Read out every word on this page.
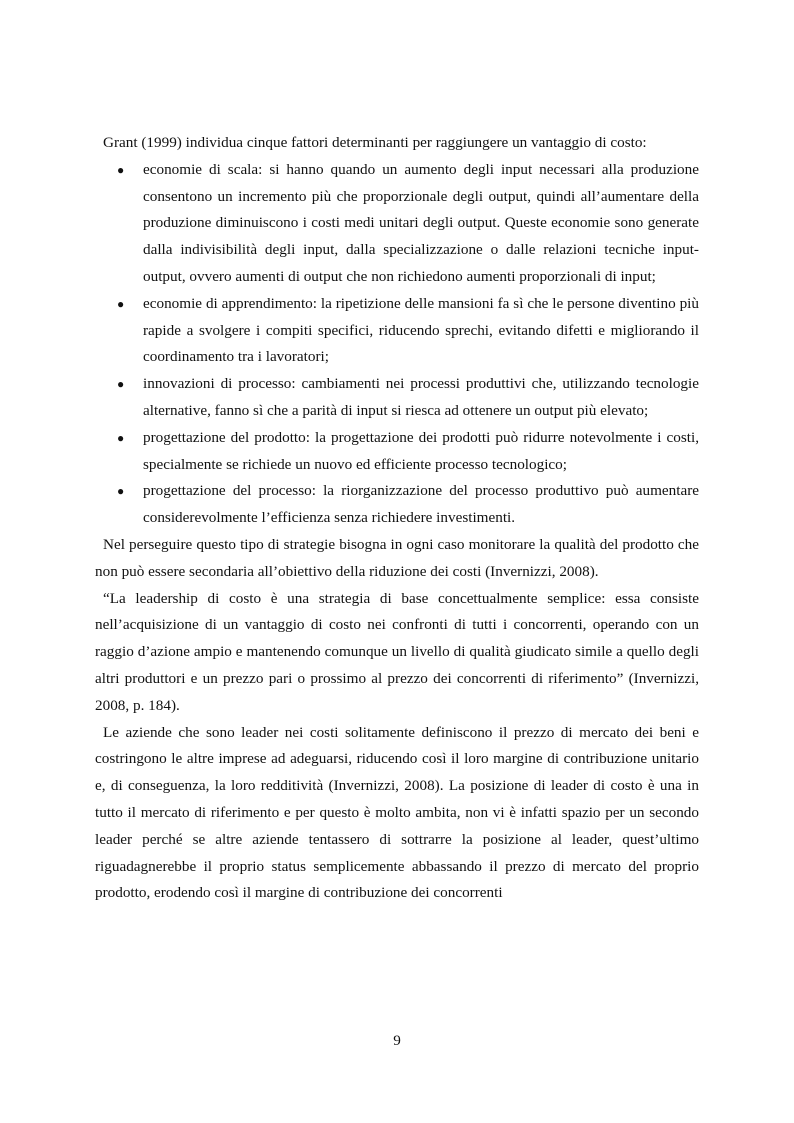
Grant (1999) individua cinque fattori determinanti per raggiungere un vantaggio di costo:

● economie di scala: si hanno quando un aumento degli input necessari alla produzione consentono un incremento più che proporzionale degli output, quindi all’aumentare della produzione diminuiscono i costi medi unitari degli output. Queste economie sono generate dalla indivisibilità degli input, dalla specializzazione o dalle relazioni tecniche input-output, ovvero aumenti di output che non richiedono aumenti proporzionali di input;
● economie di apprendimento: la ripetizione delle mansioni fa sì che le persone diventino più rapide a svolgere i compiti specifici, riducendo sprechi, evitando difetti e migliorando il coordinamento tra i lavoratori;
● innovazioni di processo: cambiamenti nei processi produttivi che, utilizzando tecnologie alternative, fanno sì che a parità di input si riesca ad ottenere un output più elevato;
● progettazione del prodotto: la progettazione dei prodotti può ridurre notevolmente i costi, specialmente se richiede un nuovo ed efficiente processo tecnologico;
● progettazione del processo: la riorganizzazione del processo produttivo può aumentare considerevolmente l’efficienza senza richiedere investimenti.

Nel perseguire questo tipo di strategie bisogna in ogni caso monitorare la qualità del prodotto che non può essere secondaria all’obiettivo della riduzione dei costi (Invernizzi, 2008).

“La leadership di costo è una strategia di base concettualmente semplice: essa consiste nell’acquisizione di un vantaggio di costo nei confronti di tutti i concorrenti, operando con un raggio d’azione ampio e mantenendo comunque un livello di qualità giudicato simile a quello degli altri produttori e un prezzo pari o prossimo al prezzo dei concorrenti di riferimento” (Invernizzi, 2008, p. 184).

Le aziende che sono leader nei costi solitamente definiscono il prezzo di mercato dei beni e costringono le altre imprese ad adeguarsi, riducendo così il loro margine di contribuzione unitario e, di conseguenza, la loro redditività (Invernizzi, 2008). La posizione di leader di costo è una in tutto il mercato di riferimento e per questo è molto ambita, non vi è infatti spazio per un secondo leader perché se altre aziende tentassero di sottrarre la posizione al leader, quest’ultimo riguadagnerebbe il proprio status semplicemente abbassando il prezzo di mercato del proprio prodotto, erodendo così il margine di contribuzione dei concorrenti

9
